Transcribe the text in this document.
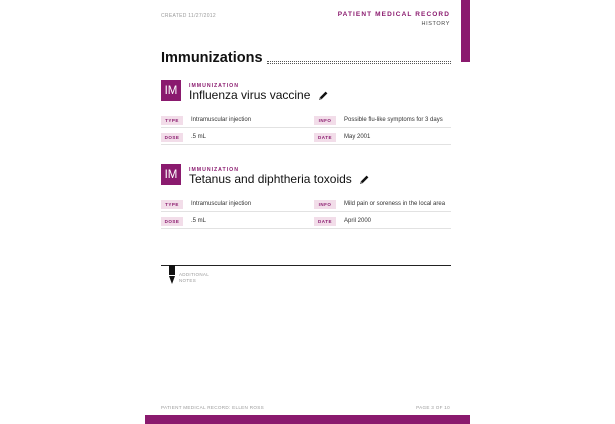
CREATED 11/27/2012	PATIENT MEDICAL RECORD
HISTORY
Immunizations
IM	IMMUNIZATION
Influenza virus vaccine
TYPE	Intramuscular injection	INFO	Possible flu-like symptoms for 3 days
DOSE	.5 mL	DATE	May 2001
IM	IMMUNIZATION
Tetanus and diphtheria toxoids
TYPE	Intramuscular injection	INFO	Mild pain or soreness in the local area
DOSE	.5 mL	DATE	April 2000
ADDITIONAL
NOTES
PATIENT MEDICAL RECORD: ELLEN ROSS	PAGE 3 OF 10
